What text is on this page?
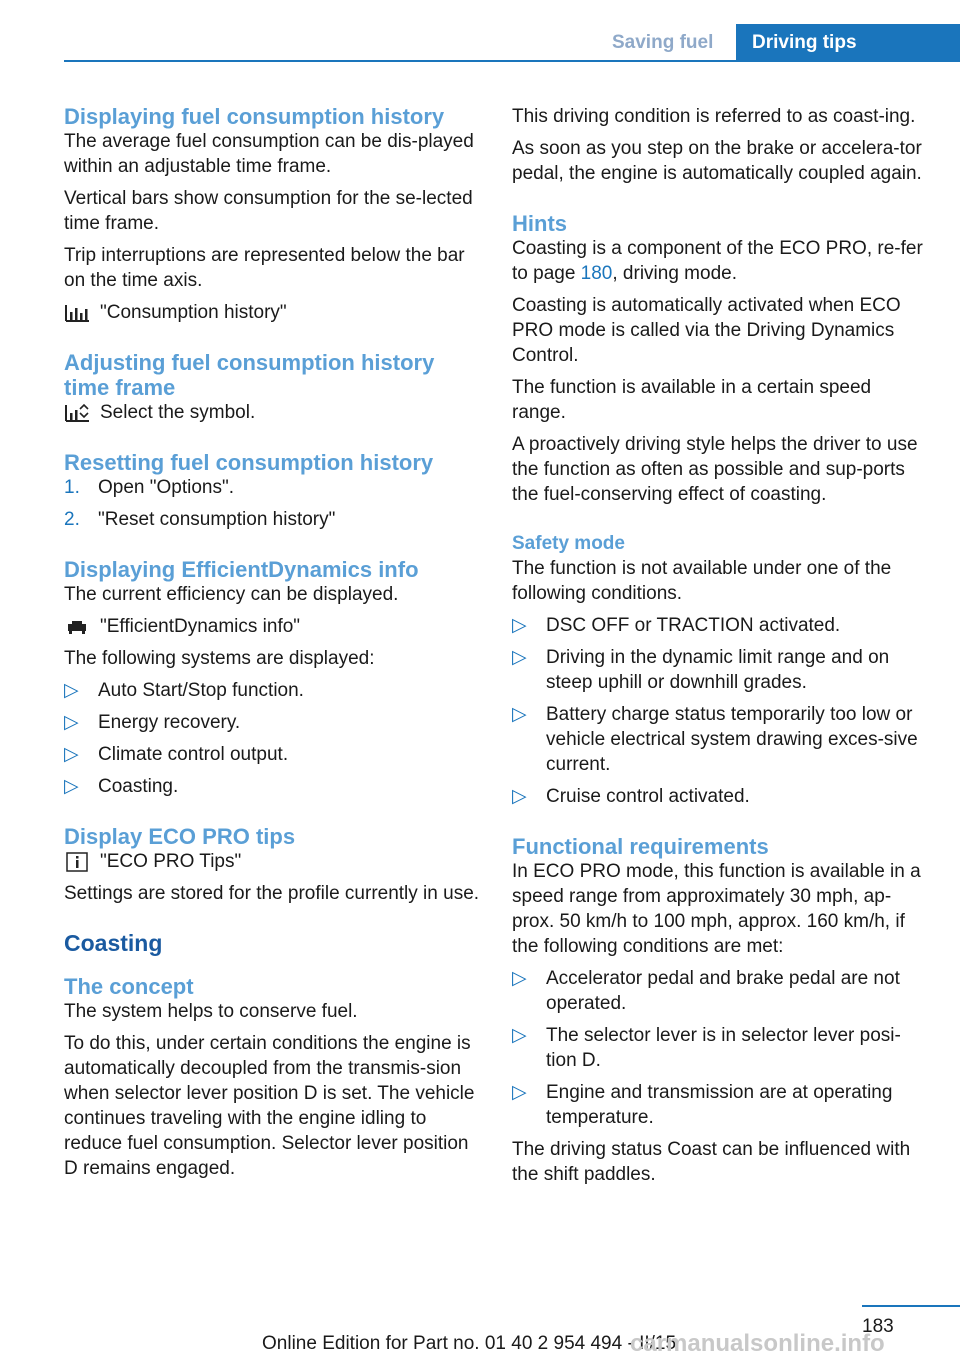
Saving fuel	Driving tips
Displaying fuel consumption history

The average fuel consumption can be dis-played within an adjustable time frame.

Vertical bars show consumption for the se-lected time frame.

Trip interruptions are represented below the bar on the time axis.

"Consumption history"
Adjusting fuel consumption history time frame
Select the symbol.
Resetting fuel consumption history
1. Open "Options".
2. "Reset consumption history"
Displaying EfficientDynamics info

The current efficiency can be displayed.

"EfficientDynamics info"

The following systems are displayed:

▷ Auto Start/Stop function.
▷ Energy recovery.
▷ Climate control output.
▷ Coasting.
Display ECO PRO tips
"ECO PRO Tips"

Settings are stored for the profile currently in use.

Coasting
The concept

The system helps to conserve fuel.

To do this, under certain conditions the engine is automatically decoupled from the transmis-sion when selector lever position D is set. The vehicle continues traveling with the engine idling to reduce fuel consumption. Selector lever position D remains engaged.

This driving condition is referred to as coast-ing.

As soon as you step on the brake or accelera-tor pedal, the engine is automatically coupled again.

Hints

Coasting is a component of the ECO PRO, re-fer to page 180, driving mode.

Coasting is automatically activated when ECO PRO mode is called via the Driving Dynamics Control.

The function is available in a certain speed range.

A proactively driving style helps the driver to use the function as often as possible and sup-ports the fuel-conserving effect of coasting.

Safety mode

The function is not available under one of the following conditions.

▷ DSC OFF or TRACTION activated.
▷ Driving in the dynamic limit range and on steep uphill or downhill grades.
▷ Battery charge status temporarily too low or vehicle electrical system drawing exces-sive current.
▷ Cruise control activated.
Functional requirements

In ECO PRO mode, this function is available in a speed range from approximately 30 mph, ap-prox. 50 km/h to 100 mph, approx. 160 km/h, if the following conditions are met:

▷ Accelerator pedal and brake pedal are not operated.
▷ The selector lever is in selector lever posi-tion D.
▷ Engine and transmission are at operating temperature.

The driving status Coast can be influenced with the shift paddles.

183
Online Edition for Part no. 01 40 2 954 494 - II/15
carmanualsonline.info
